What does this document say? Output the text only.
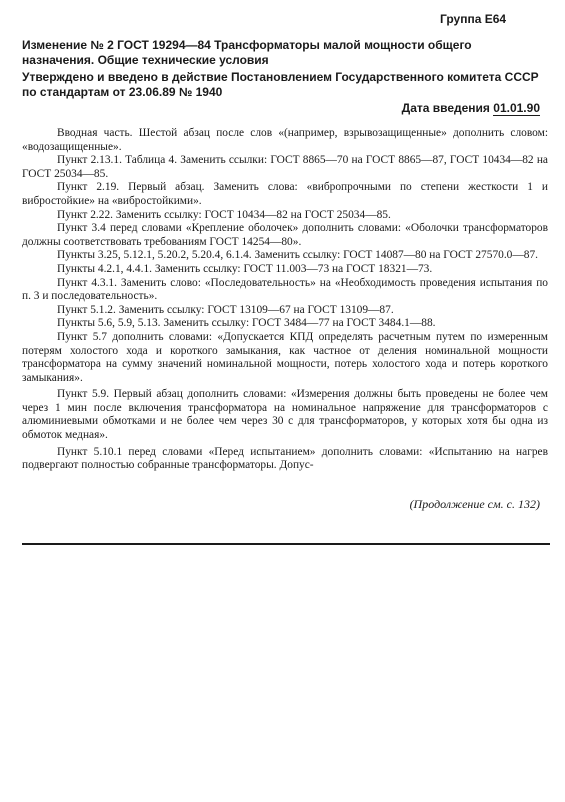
Группа Е64
Изменение № 2 ГОСТ 19294—84 Трансформаторы малой мощности общего назначения. Общие технические условия
Утверждено и введено в действие Постановлением Государственного комитета СССР по стандартам от 23.06.89 № 1940
Дата введения 01.01.90

Вводная часть. Шестой абзац после слов «(например, взрывозащищенные» дополнить словом: «водозащищенные».

Пункт 2.13.1. Таблица 4. Заменить ссылки: ГОСТ 8865—70 на ГОСТ 8865—87, ГОСТ 10434—82 на ГОСТ 25034—85.

Пункт 2.19. Первый абзац. Заменить слова: «вибропрочными по степени жесткости 1 и вибростойкие» на «вибростойкими».

Пункт 2.22. Заменить ссылку: ГОСТ 10434—82 на ГОСТ 25034—85.

Пункт 3.4 перед словами «Крепление оболочек» дополнить словами: «Оболочки трансформаторов должны соответствовать требованиям ГОСТ 14254—80».

Пункты 3.25, 5.12.1, 5.20.2, 5.20.4, 6.1.4. Заменить ссылку: ГОСТ 14087—80 на ГОСТ 27570.0—87.

Пункты 4.2.1, 4.4.1. Заменить ссылку: ГОСТ 11.003—73 на ГОСТ 18321—73.

Пункт 4.3.1. Заменить слово: «Последовательность» на «Необходимость проведения испытания по п. 3 и последовательность».

Пункт 5.1.2. Заменить ссылку: ГОСТ 13109—67 на ГОСТ 13109—87.

Пункты 5.6, 5.9, 5.13. Заменить ссылку: ГОСТ 3484—77 на ГОСТ 3484.1—88.

Пункт 5.7 дополнить словами: «Допускается КПД определять расчетным путем по измеренным потерям холостого хода и короткого замыкания, как частное от деления номинальной мощности трансформатора на сумму значений номинальной мощности, потерь холостого хода и потерь короткого замыкания».

Пункт 5.9. Первый абзац дополнить словами: «Измерения должны быть проведены не более чем через 1 мин после включения трансформатора на номинальное напряжение для трансформаторов с алюминиевыми обмотками и не более чем через 30 с для трансформаторов, у которых хотя бы одна из обмоток медная».

Пункт 5.10.1 перед словами «Перед испытанием» дополнить словами: «Испытанию на нагрев подвергают полностью собранные трансформаторы. Допус-

(Продолжение см. с. 132)
